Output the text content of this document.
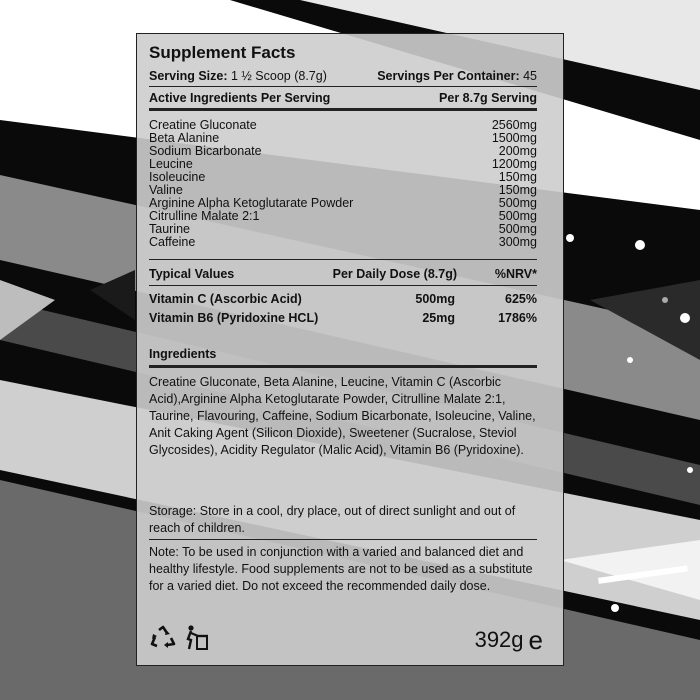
Supplement Facts
Serving Size: 1 ½ Scoop (8.7g)	Servings Per Container: 45
Active Ingredients Per Serving	Per 8.7g Serving
Creatine Gluconate	2560mg
Beta Alanine	1500mg
Sodium Bicarbonate	200mg
Leucine	1200mg
Isoleucine	150mg
Valine	150mg
Arginine Alpha Ketoglutarate Powder	500mg
Citrulline Malate 2:1	500mg
Taurine	500mg
Caffeine	300mg
Typical Values	Per Daily Dose (8.7g)	%NRV*
Vitamin C (Ascorbic Acid)	500mg	625%
Vitamin B6 (Pyridoxine HCL)	25mg	1786%
Ingredients
Creatine Gluconate, Beta Alanine, Leucine, Vitamin C (Ascorbic Acid),Arginine Alpha Ketoglutarate Powder, Citrulline Malate 2:1, Taurine, Flavouring, Caffeine, Sodium Bicarbonate, Isoleucine, Valine, Anit Caking Agent (Silicon Dioxide), Sweetener (Sucralose, Steviol Glycosides), Acidity Regulator (Malic Acid), Vitamin B6 (Pyridoxine).
Storage: Store in a cool, dry place, out of direct sunlight and out of reach of children.
Note: To be used in conjunction with a varied and balanced diet and healthy lifestyle. Food supplements are not to be used as a substitute for a varied diet. Do not exceed the recommended daily dose.
392g e
